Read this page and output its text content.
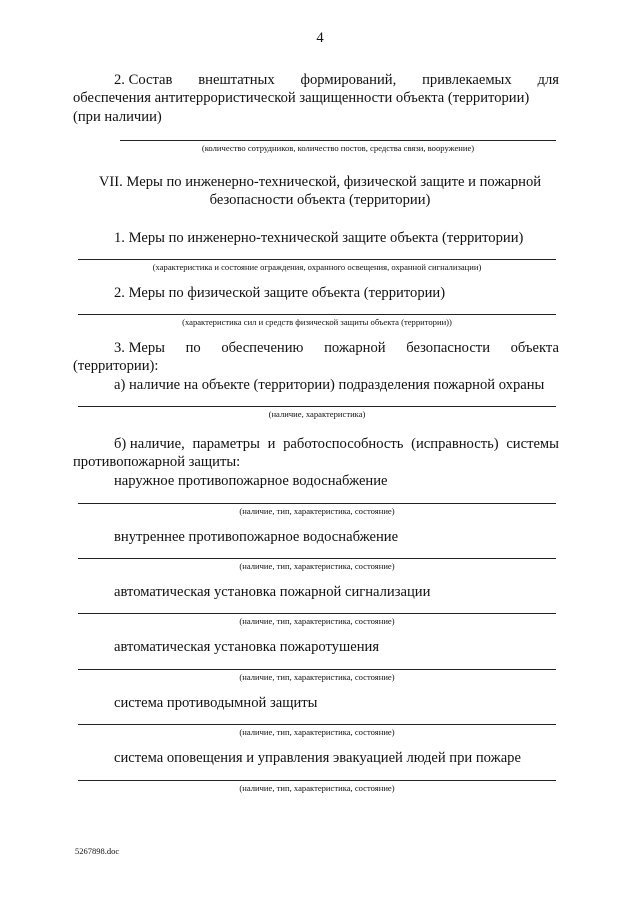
4
2. Состав внештатных формирований, привлекаемых для
обеспечения антитеррористической защищенности объекта (территории)
(при наличии)
(количество сотрудников, количество постов, средства связи, вооружение)
VII. Меры по инженерно-технической, физической защите и пожарной
безопасности объекта (территории)
1. Меры по инженерно-технической защите объекта (территории)
(характеристика и состояние ограждения, охранного освещения, охранной сигнализации)
2. Меры по физической защите объекта (территории)
(характеристика сил и средств физической защиты объекта (территории))
3. Меры по обеспечению пожарной безопасности объекта
(территории):
а) наличие на объекте (территории) подразделения пожарной охраны
(наличие, характеристика)
б) наличие, параметры и работоспособность (исправность) системы
противопожарной защиты:
наружное противопожарное водоснабжение
(наличие, тип, характеристика, состояние)
внутреннее противопожарное водоснабжение
(наличие, тип, характеристика, состояние)
автоматическая установка пожарной сигнализации
(наличие, тип, характеристика, состояние)
автоматическая установка пожаротушения
(наличие, тип, характеристика, состояние)
система противодымной защиты
(наличие, тип, характеристика, состояние)
система оповещения и управления эвакуацией людей при пожаре
(наличие, тип, характеристика, состояние)
5267898.doc
